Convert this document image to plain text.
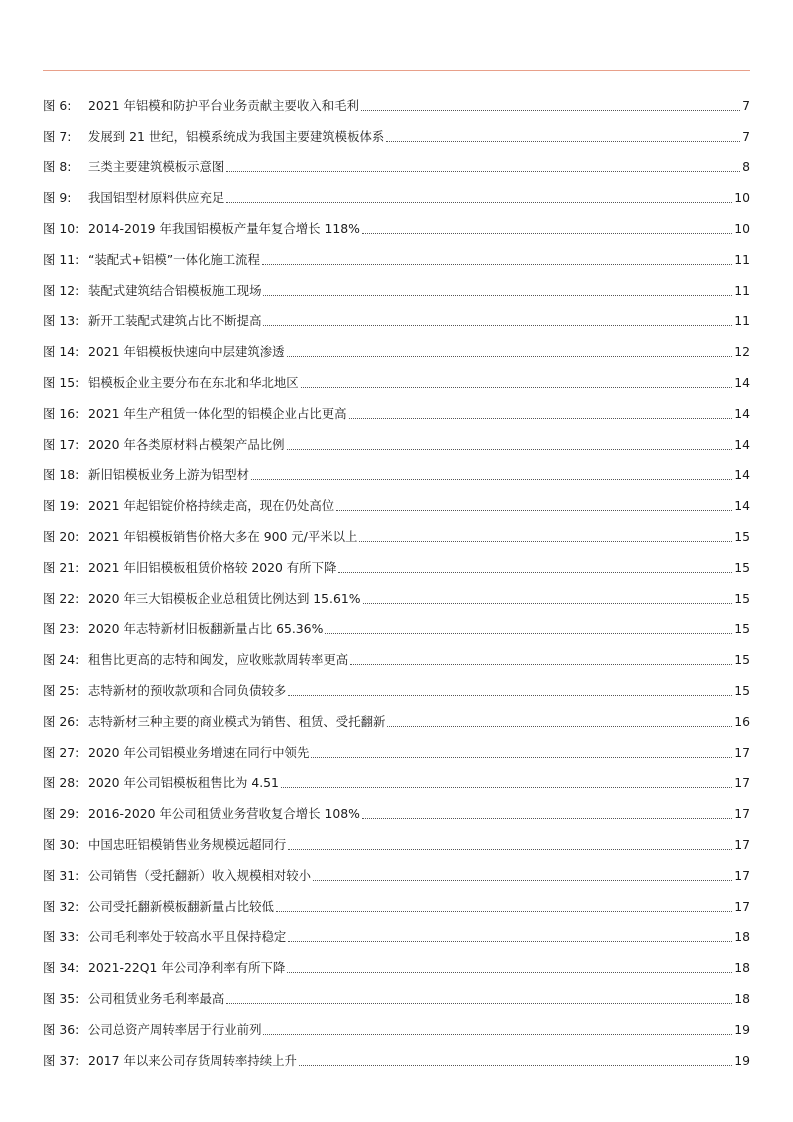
图 6:	2021 年铝模和防护平台业务贡献主要收入和毛利	7
图 7:	发展到 21 世纪，铝模系统成为我国主要建筑模板体系	7
图 8:	三类主要建筑模板示意图	8
图 9:	我国铝型材原料供应充足	10
图 10: 2014-2019 年我国铝模板产量年复合增长 118%	10
图 11: “装配式+铝模”一体化施工流程	11
图 12: 装配式建筑结合铝模板施工现场	11
图 13: 新开工装配式建筑占比不断提高	11
图 14: 2021 年铝模板快速向中层建筑渗透	12
图 15: 铝模板企业主要分布在东北和华北地区	14
图 16: 2021 年生产租赁一体化型的铝模企业占比更高	14
图 17: 2020 年各类原材料占模架产品比例	14
图 18: 新旧铝模板业务上游为铝型材	14
图 19: 2021 年起铝锭价格持续走高，现在仍处高位	14
图 20: 2021 年铝模板销售价格大多在 900 元/平米以上	15
图 21: 2021 年旧铝模板租赁价格较 2020 有所下降	15
图 22: 2020 年三大铝模板企业总租赁比例达到 15.61%	15
图 23: 2020 年志特新材旧板翻新量占比 65.36%	15
图 24: 租售比更高的志特和闽发，应收账款周转率更高	15
图 25: 志特新材的预收款项和合同负债较多	15
图 26: 志特新材三种主要的商业模式为销售、租赁、受托翻新	16
图 27: 2020 年公司铝模业务增速在同行中领先	17
图 28: 2020 年公司铝模板租售比为 4.51	17
图 29: 2016-2020 年公司租赁业务营收复合增长 108%	17
图 30: 中国忠旺铝模销售业务规模远超同行	17
图 31: 公司销售（受托翻新）收入规模相对较小	17
图 32: 公司受托翻新模板翻新量占比较低	17
图 33: 公司毛利率处于较高水平且保持稳定	18
图 34: 2021-22Q1 年公司净利率有所下降	18
图 35: 公司租赁业务毛利率最高	18
图 36: 公司总资产周转率居于行业前列	19
图 37: 2017 年以来公司存货周转率持续上升	19
